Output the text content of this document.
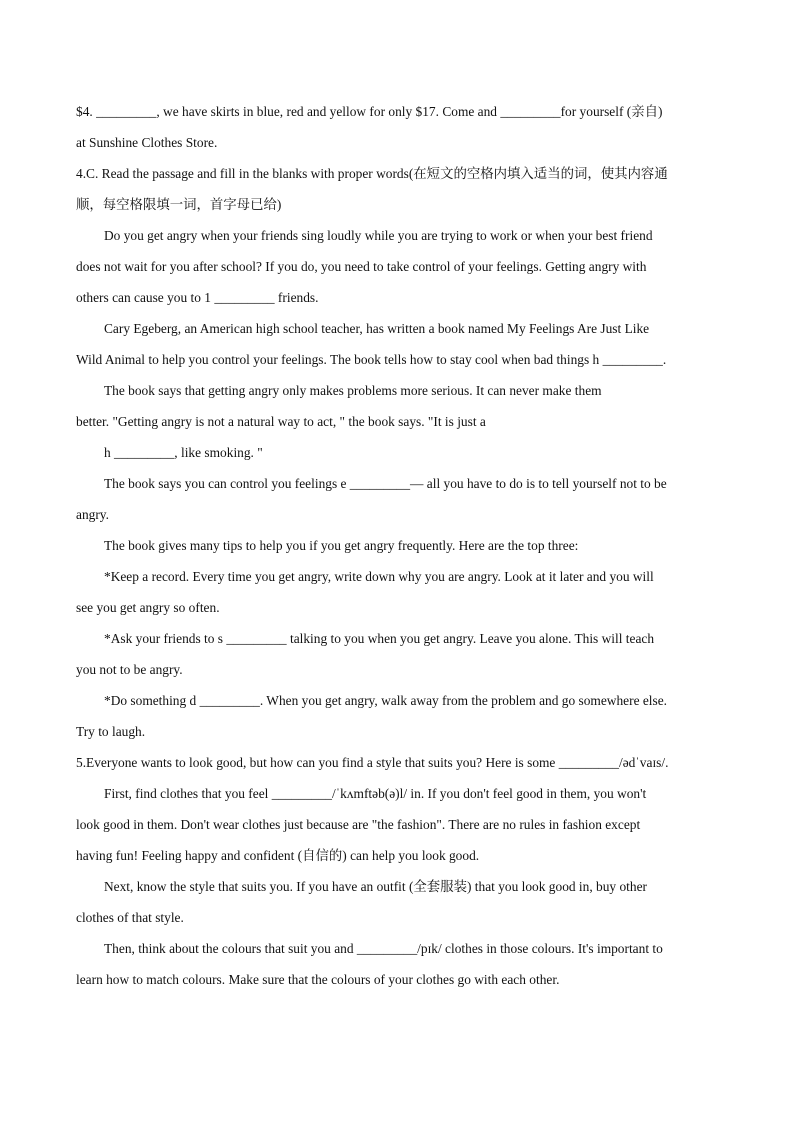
$4. _________, we have skirts in blue, red and yellow for only $17. Come and _________for yourself (亲自)

at Sunshine Clothes Store.

4.C. Read the passage and fill in the blanks with proper words(在短文的空格内填入适当的词，使其内容通

顺，每空格限填一词，首字母已给)

Do you get angry when your friends sing loudly while you are trying to work or when your best friend

does not wait for you after school? If you do, you need to take control of your feelings. Getting angry with

others can cause you to 1 _________ friends.

Cary Egeberg, an American high school teacher, has written a book named My Feelings Are Just Like

Wild Animal to help you control your feelings. The book tells how to stay cool when bad things h _________.

The book says that getting angry only makes problems more serious. It can never make them

better. "Getting angry is not a natural way to act, " the book says. "It is just a

h _________, like smoking. "

The book says you can control you feelings e _________— all you have to do is to tell yourself not to be

angry.

The book gives many tips to help you if you get angry frequently. Here are the top three:

*Keep a record. Every time you get angry, write down why you are angry. Look at it later and you will

see you get angry so often.

*Ask your friends to s _________ talking to you when you get angry. Leave you alone. This will teach

you not to be angry.

*Do something d _________. When you get angry, walk away from the problem and go somewhere else.

Try to laugh.

5.Everyone wants to look good, but how can you find a style that suits you? Here is some _________/ədˈvaɪs/.

First, find clothes that you feel _________/ˈkʌmftəb(ə)l/ in. If you don't feel good in them, you won't

look good in them. Don't wear clothes just because are "the fashion". There are no rules in fashion except

having fun! Feeling happy and confident (自信的) can help you look good.

Next, know the style that suits you. If you have an outfit (全套服装) that you look good in, buy other

clothes of that style.

Then, think about the colours that suit you and _________/pɪk/ clothes in those colours. It's important to

learn how to match colours. Make sure that the colours of your clothes go with each other.
